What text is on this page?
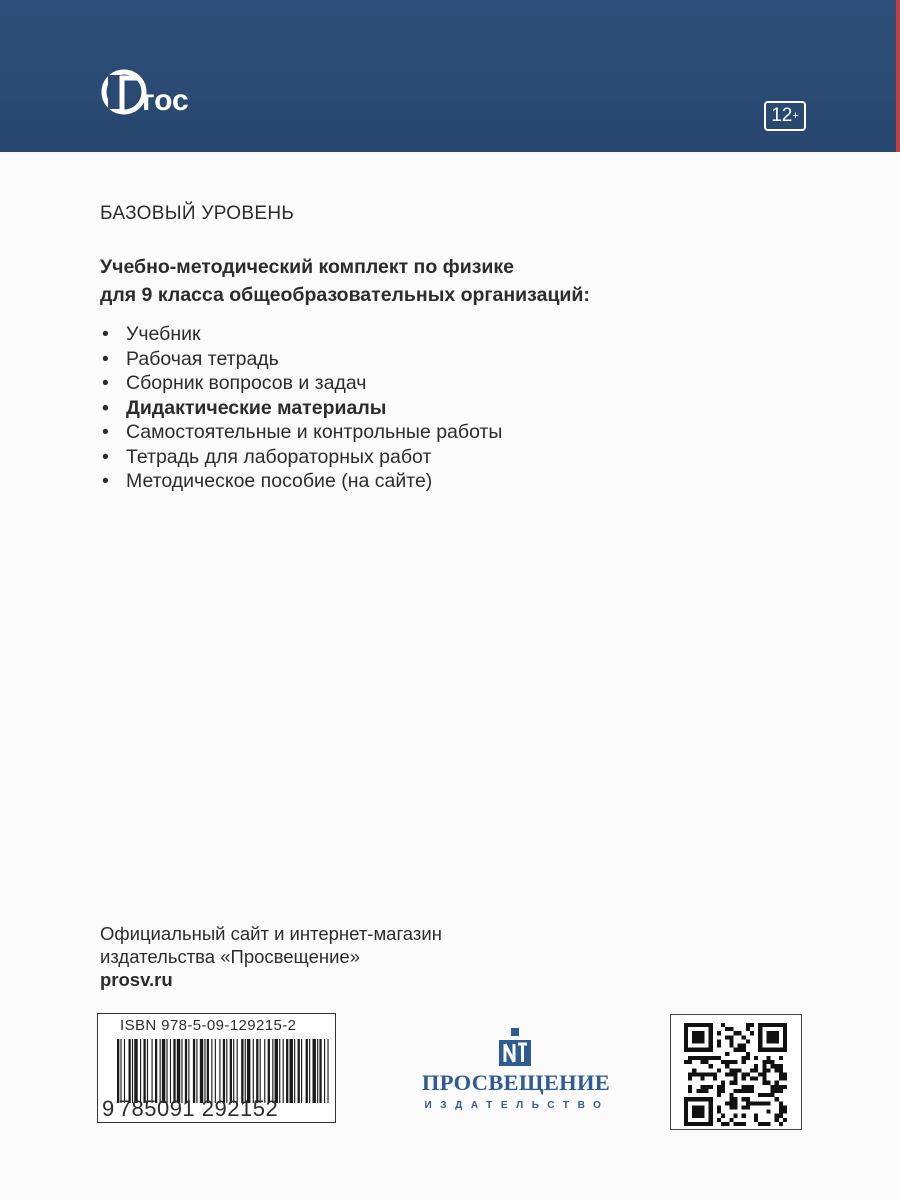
гос	12+
БАЗОВЫЙ УРОВЕНЬ
Учебно-методический комплект по физике
для 9 класса общеобразовательных организаций:
• Учебник
• Рабочая тетрадь
• Сборник вопросов и задач
• Дидактические материалы
• Самостоятельные и контрольные работы
• Тетрадь для лабораторных работ
• Методическое пособие (на сайте)
Официальный сайт и интернет-магазин
издательства «Просвещение»
prosv.ru
ISBN 978-5-09-129215-2
9 785091 292152
ПРОСВЕЩЕНИЕ
ИЗДАТЕЛЬСТВО
